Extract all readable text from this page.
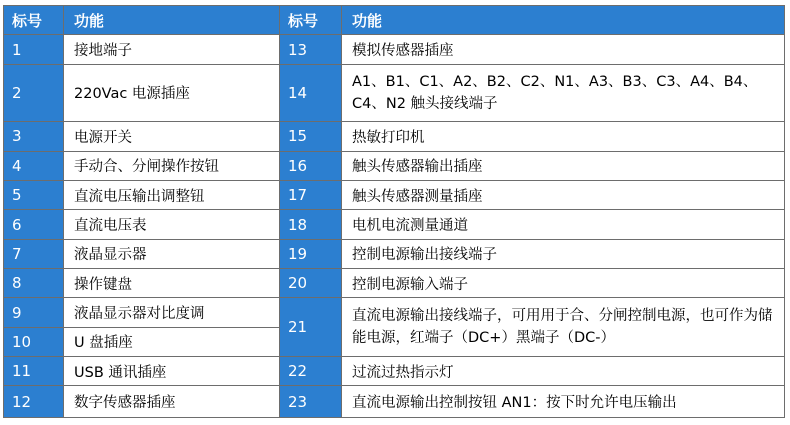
标号	功能	标号	功能
1	接地端子	13	模拟传感器插座
2	220Vac 电源插座	14	A1、B1、C1、A2、B2、C2、N1、A3、B3、C3、A4、B4、C4、N2 触头接线端子
3	电源开关	15	热敏打印机
4	手动合、分闸操作按钮	16	触头传感器输出插座
5	直流电压输出调整钮	17	触头传感器测量插座
6	直流电压表	18	电机电流测量通道
7	液晶显示器	19	控制电源输出接线端子
8	操作键盘	20	控制电源输入端子
9	液晶显示器对比度调	21	直流电源输出接线端子，可用用于合、分闸控制电源，也可作为储能电源，红端子（DC+）黑端子（DC-）
10	U 盘插座		
11	USB 通讯插座	22	过流过热指示灯
12	数字传感器插座	23	直流电源输出控制按钮 AN1：按下时允许电压输出
